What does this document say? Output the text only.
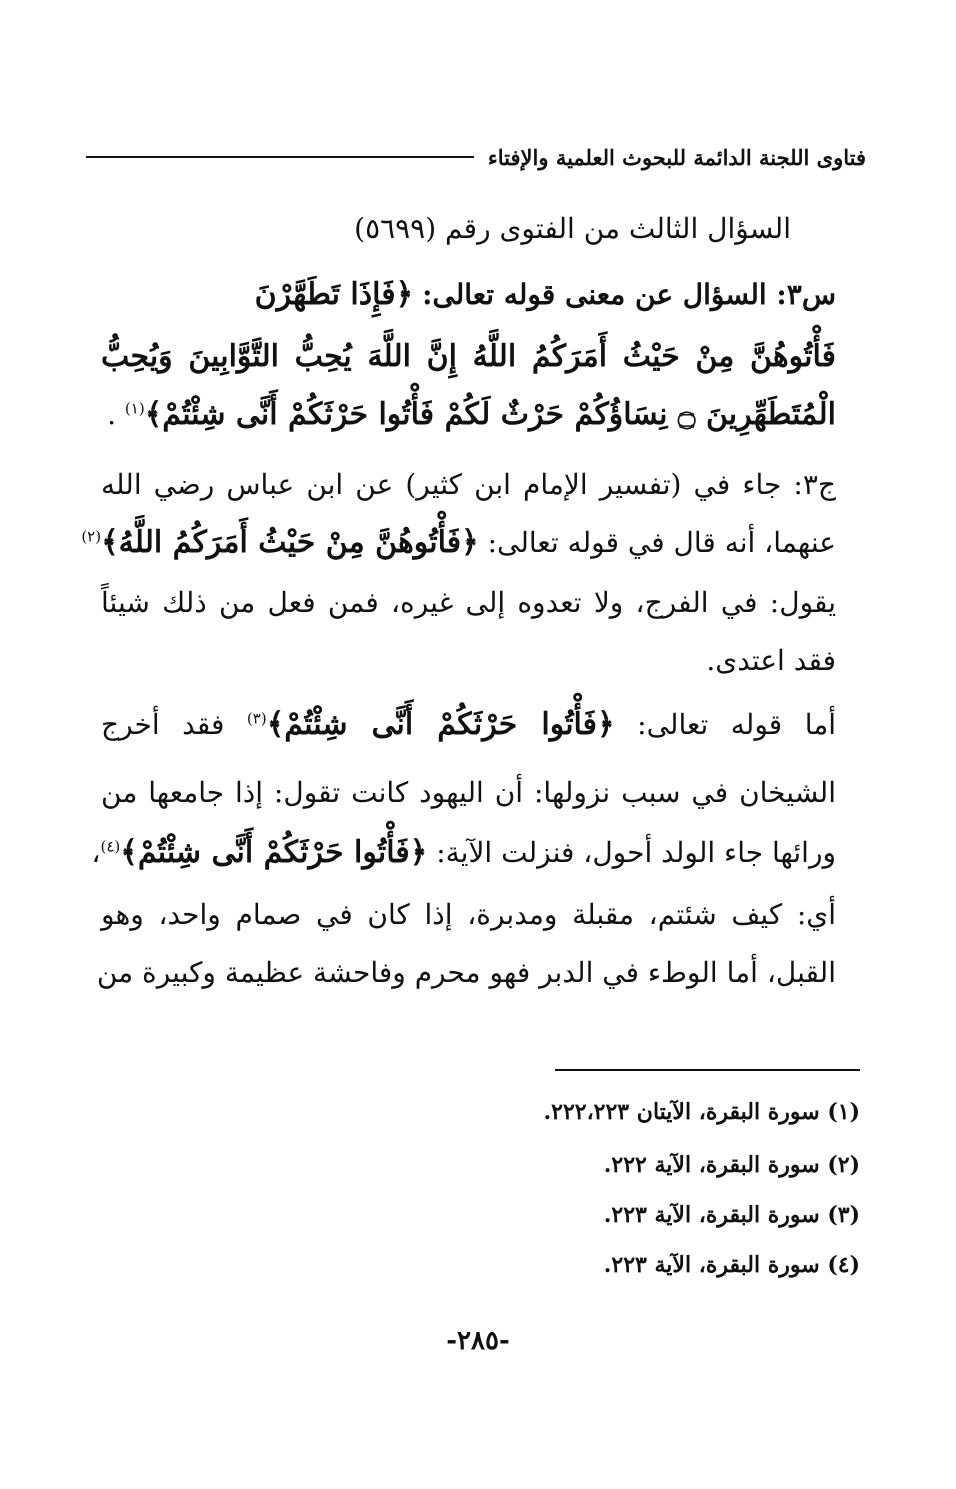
فتاوى اللجنة الدائمة للبحوث العلمية والإفتاء
السؤال الثالث من الفتوى رقم (٥٦٩٩)
س٣: السؤال عن معنى قوله تعالى: ﴿فَإِذَا تَطَهَّرْنَ
فَأْتُوهُنَّ مِنْ حَيْثُ أَمَرَكُمُ اللَّهُ إِنَّ اللَّهَ يُحِبُّ التَّوَّابِينَ وَيُحِبُّ
الْمُتَطَهِّرِينَ ۝ نِسَاؤُكُمْ حَرْثٌ لَكُمْ فَأْتُوا حَرْثَكُمْ أَنَّى شِئْتُمْ﴾$^{(١)}$ .
ج٣: جاء في (تفسير الإمام ابن كثير) عن ابن عباس رضي الله
عنهما، أنه قال في قوله تعالى: ﴿فَأْتُوهُنَّ مِنْ حَيْثُ أَمَرَكُمُ اللَّهُ﴾$^{(٢)}$
يقول: في الفرج، ولا تعدوه إلى غيره، فمن فعل من ذلك شيئاً
فقد اعتدى.
أما قوله تعالى: ﴿فَأْتُوا حَرْثَكُمْ أَنَّى شِئْتُمْ﴾$^{(٣)}$ فقد أخرج
الشيخان في سبب نزولها: أن اليهود كانت تقول: إذا جامعها من
ورائها جاء الولد أحول، فنزلت الآية: ﴿فَأْتُوا حَرْثَكُمْ أَنَّى شِئْتُمْ﴾$^{(٤)}$،
أي: كيف شئتم، مقبلة ومدبرة، إذا كان في صمام واحد، وهو
القبل، أما الوطء في الدبر فهو محرم وفاحشة عظيمة وكبيرة من
(١) سورة البقرة، الآيتان ٢٢٢،٢٢٣.
(٢) سورة البقرة، الآية ٢٢٢.
(٣) سورة البقرة، الآية ٢٢٣.
(٤) سورة البقرة، الآية ٢٢٣.
-٢٨٥-
